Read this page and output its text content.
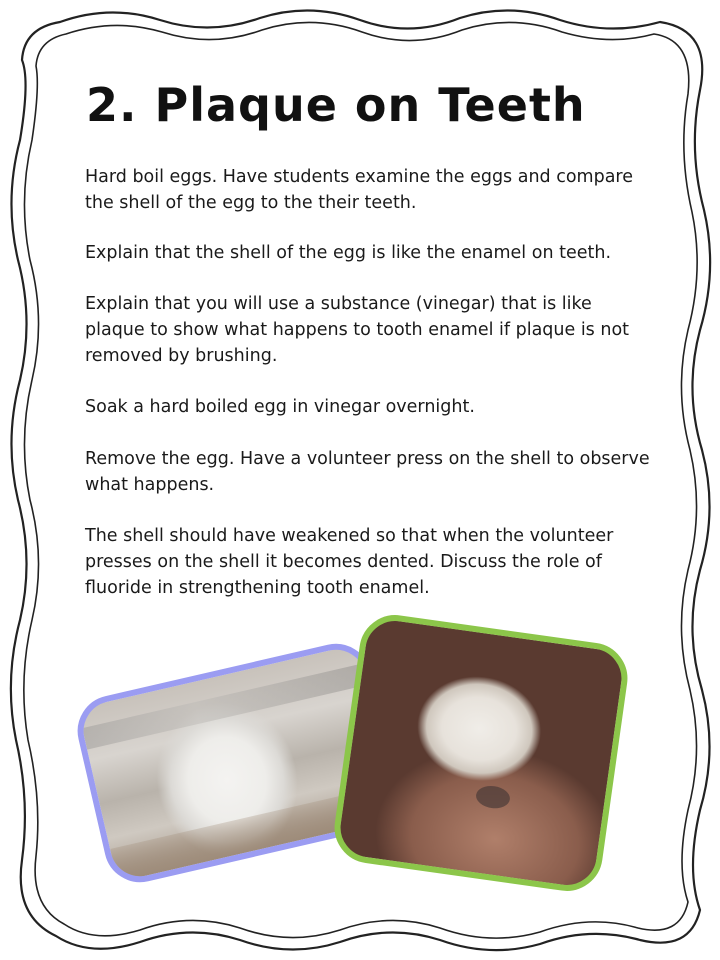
2. Plaque on Teeth

Hard boil eggs. Have students examine the eggs and compare the shell of the egg to the their teeth.

Explain that the shell of the egg is like the enamel on teeth.

Explain that you will use a substance (vinegar) that is like plaque to show what happens to tooth enamel if plaque is not removed by brushing.

Soak a hard boiled egg in vinegar overnight.

Remove the egg. Have a volunteer press on the shell to observe what happens.

The shell should have weakened so that when the volunteer presses on the shell it becomes dented. Discuss the role of fluoride in strengthening tooth enamel.
